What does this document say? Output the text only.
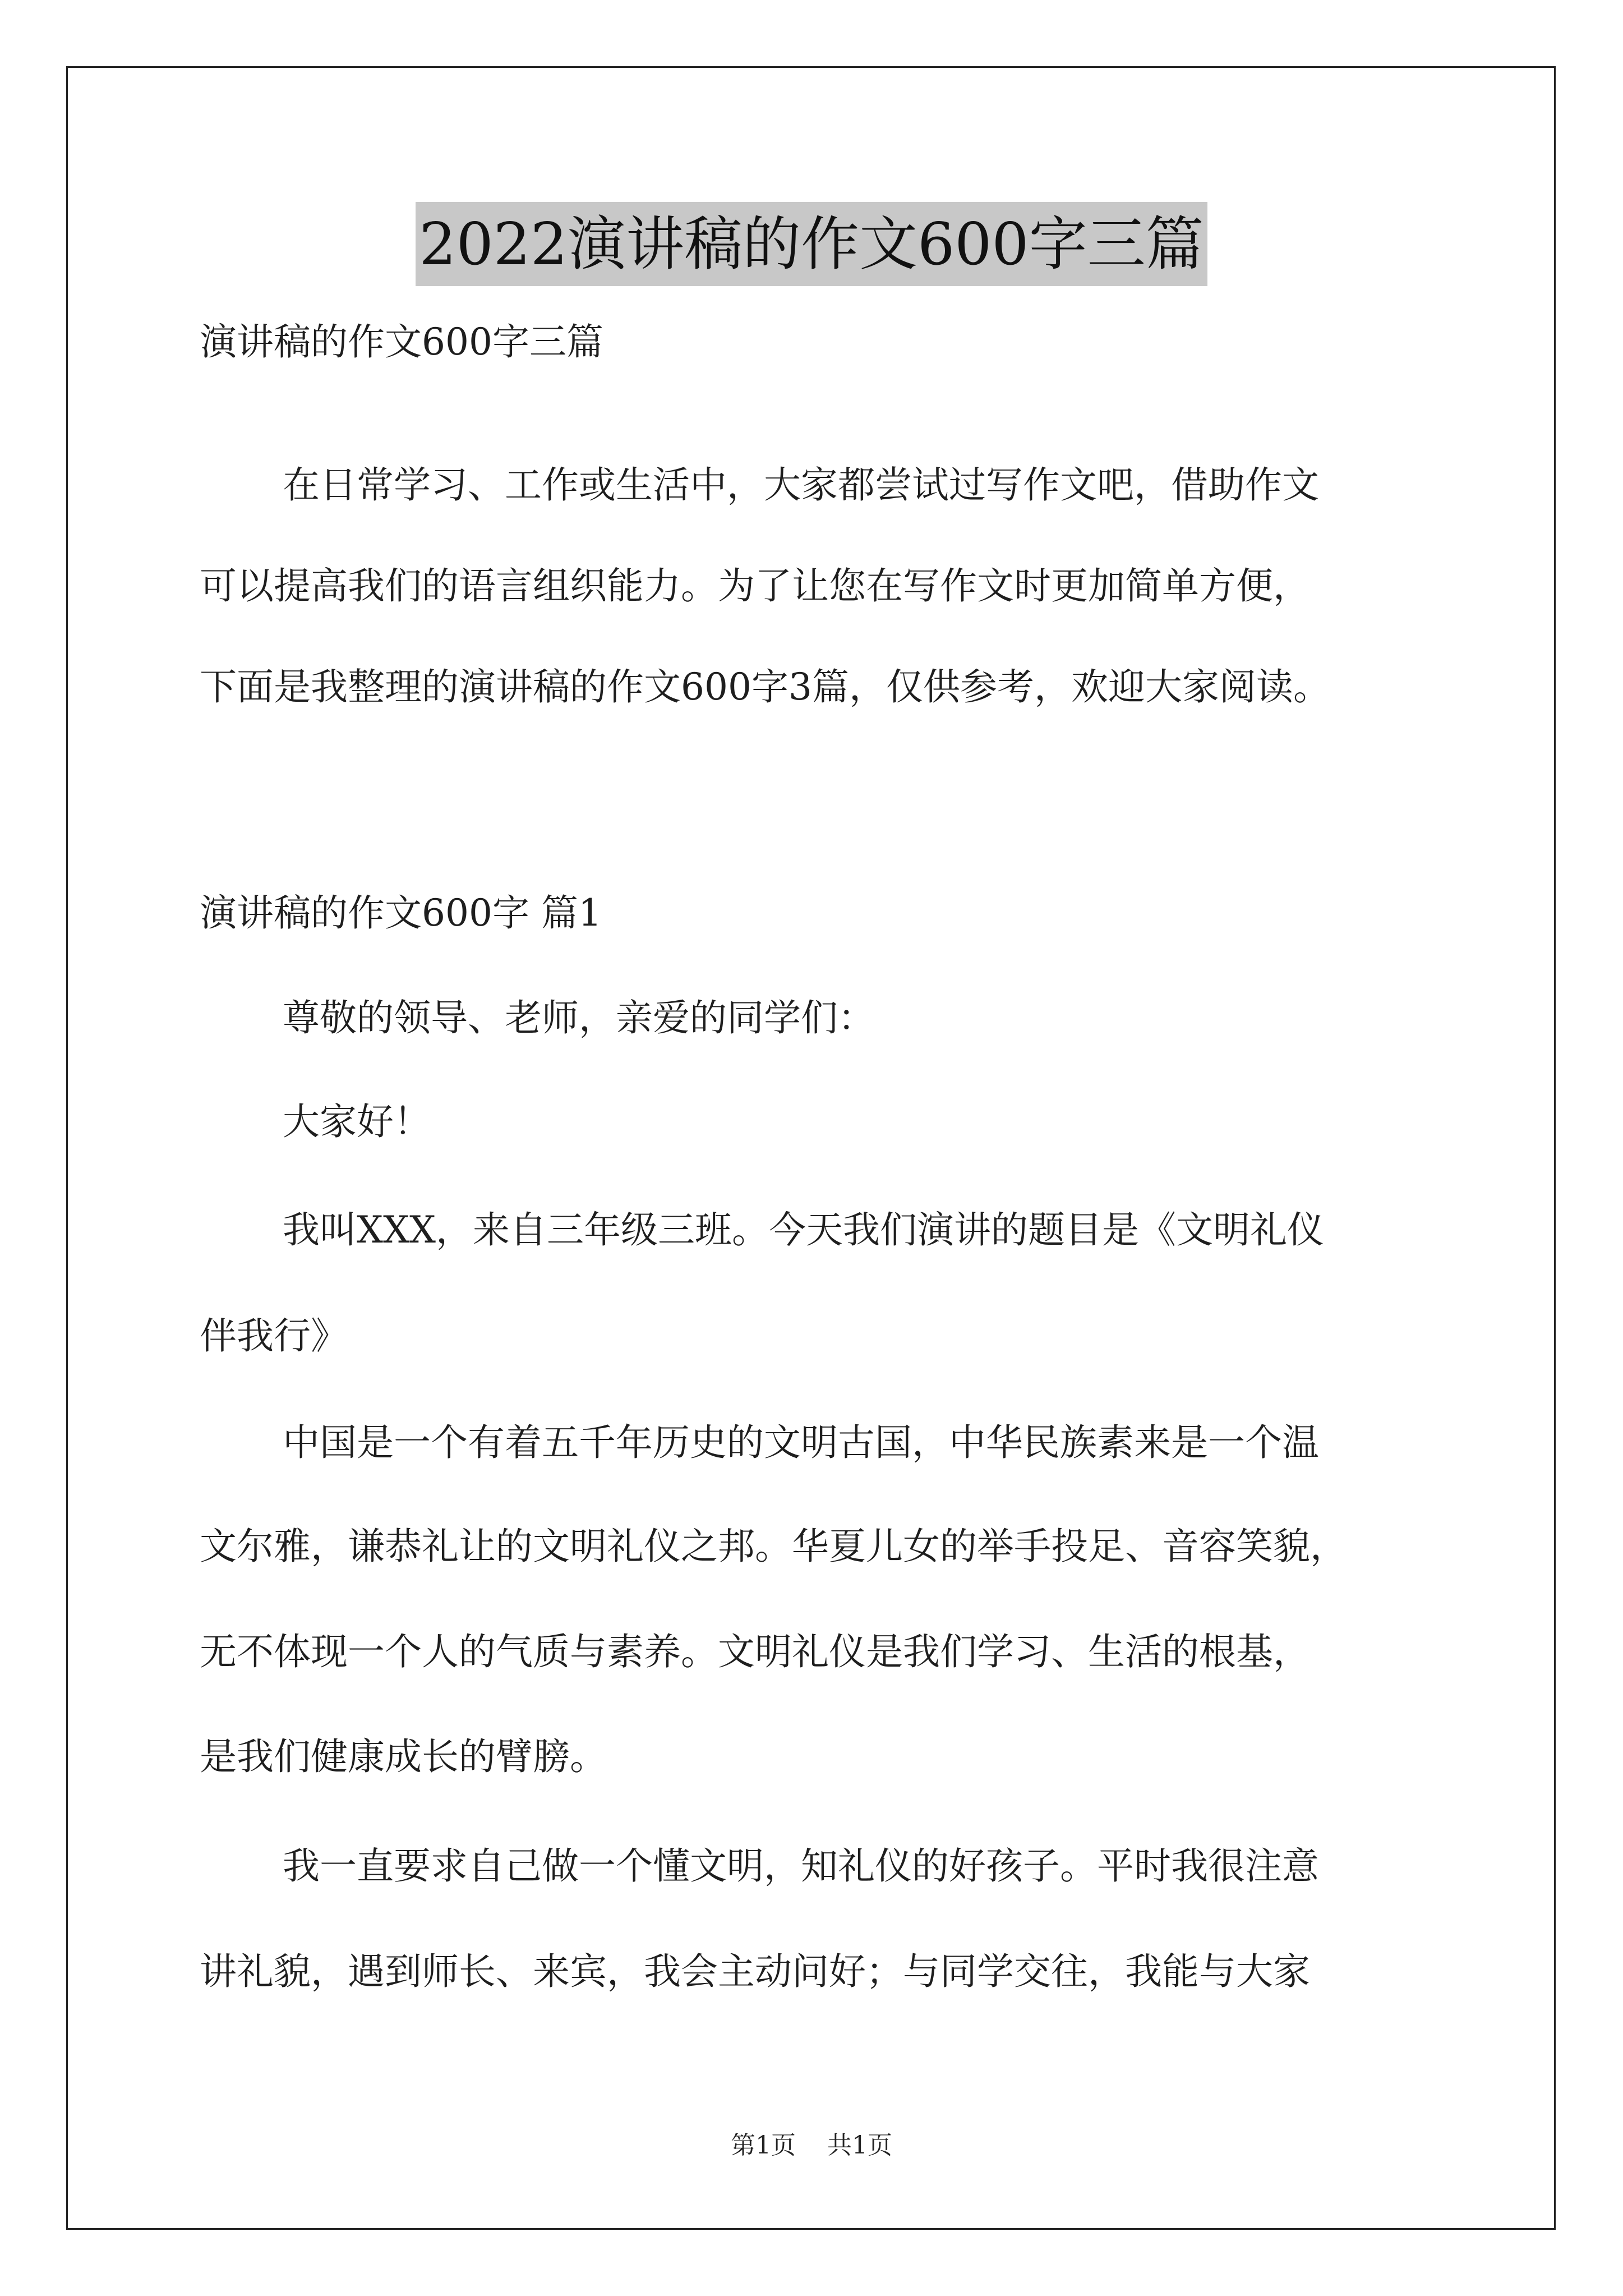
2022演讲稿的作文600字三篇
演讲稿的作文600字三篇
在日常学习、工作或生活中，大家都尝试过写作文吧，借助作文
可以提高我们的语言组织能力。为了让您在写作文时更加简单方便，
下面是我整理的演讲稿的作文600字3篇，仅供参考，欢迎大家阅读。
演讲稿的作文600字 篇1
尊敬的领导、老师，亲爱的同学们：
大家好！
我叫XXX，来自三年级三班。今天我们演讲的题目是《文明礼仪
伴我行》
中国是一个有着五千年历史的文明古国，中华民族素来是一个温
文尔雅，谦恭礼让的文明礼仪之邦。华夏儿女的举手投足、音容笑貌，
无不体现一个人的气质与素养。文明礼仪是我们学习、生活的根基，
是我们健康成长的臂膀。
我一直要求自己做一个懂文明，知礼仪的好孩子。平时我很注意
讲礼貌，遇到师长、来宾，我会主动问好；与同学交往，我能与大家
第1页 共1页
